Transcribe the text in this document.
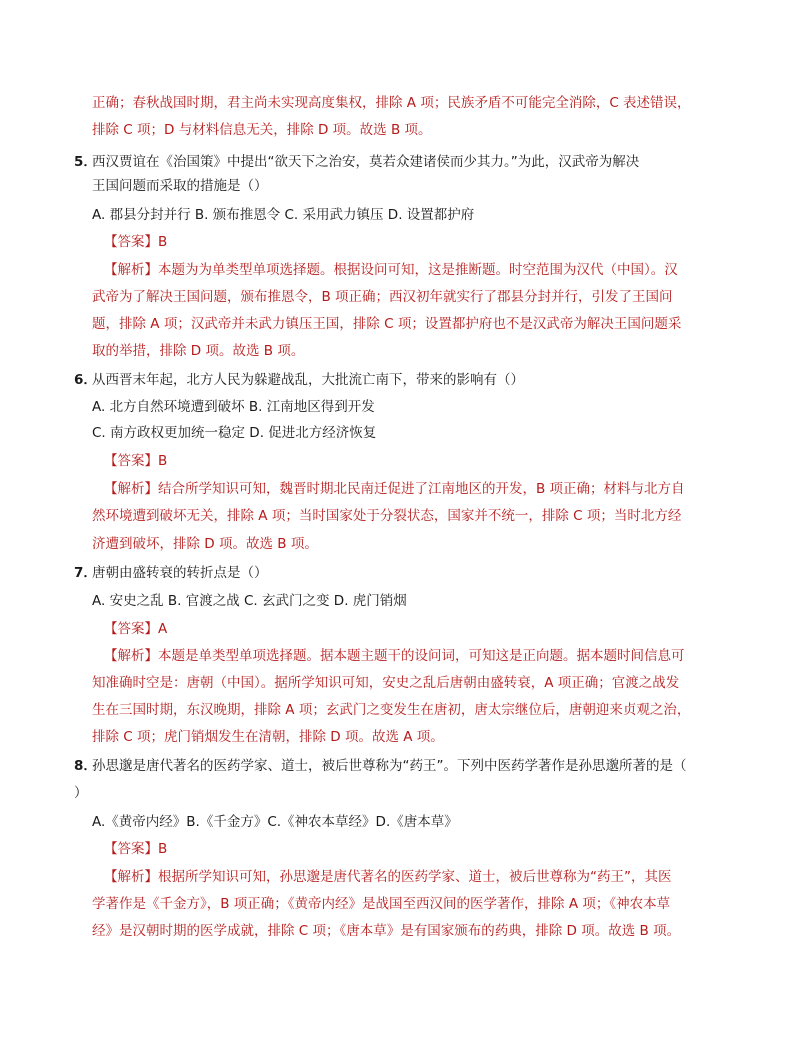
正确；春秋战国时期，君主尚未实现高度集权，排除 A 项；民族矛盾不可能完全消除，C 表述错误，
排除 C 项；D 与材料信息无关，排除 D 项。故选 B 项。
5．
西汉贾谊在《治国策》中提出“欲天下之治安，莫若众建诸侯而少其力。”为此，汉武帝为解决
王国问题而采取的措施是（）
A. 郡县分封并行 B. 颁布推恩令 C. 采用武力镇压 D. 设置都护府
【答案】B
【解析】本题为为单类型单项选择题。根据设问可知，这是推断题。时空范围为汉代（中国）。汉
武帝为了解决王国问题，颁布推恩令，B 项正确；西汉初年就实行了郡县分封并行，引发了王国问
题，排除 A 项；汉武帝并未武力镇压王国，排除 C 项；设置都护府也不是汉武帝为解决王国问题采
取的举措，排除 D 项。故选 B 项。
6．
从西晋末年起，北方人民为躲避战乱，大批流亡南下，带来的影响有（）
A. 北方自然环境遭到破坏 B. 江南地区得到开发
C. 南方政权更加统一稳定 D. 促进北方经济恢复
【答案】B
【解析】结合所学知识可知，魏晋时期北民南迁促进了江南地区的开发，B 项正确；材料与北方自
然环境遭到破坏无关，排除 A 项；当时国家处于分裂状态，国家并不统一，排除 C 项；当时北方经
济遭到破坏，排除 D 项。故选 B 项。
7．
唐朝由盛转衰的转折点是（）
A. 安史之乱 B. 官渡之战 C. 玄武门之变 D. 虎门销烟
【答案】A
【解析】本题是单类型单项选择题。据本题主题干的设问词，可知这是正向题。据本题时间信息可
知准确时空是：唐朝（中国）。据所学知识可知，安史之乱后唐朝由盛转衰，A 项正确；官渡之战发
生在三国时期，东汉晚期，排除 A 项；玄武门之变发生在唐初，唐太宗继位后，唐朝迎来贞观之治，
排除 C 项；虎门销烟发生在清朝，排除 D 项。故选 A 项。
8．
孙思邈是唐代著名的医药学家、道士，被后世尊称为“药王”。下列中医药学著作是孙思邈所著的是（
）
A.《黄帝内经》B.《千金方》C.《神农本草经》D.《唐本草》
【答案】B
【解析】根据所学知识可知，孙思邈是唐代著名的医药学家、道士，被后世尊称为“药王”，其医
学著作是《千金方》，B 项正确；《黄帝内经》是战国至西汉间的医学著作，排除 A 项；《神农本草
经》是汉朝时期的医学成就，排除 C 项；《唐本草》是有国家颁布的药典，排除 D 项。故选 B 项。
